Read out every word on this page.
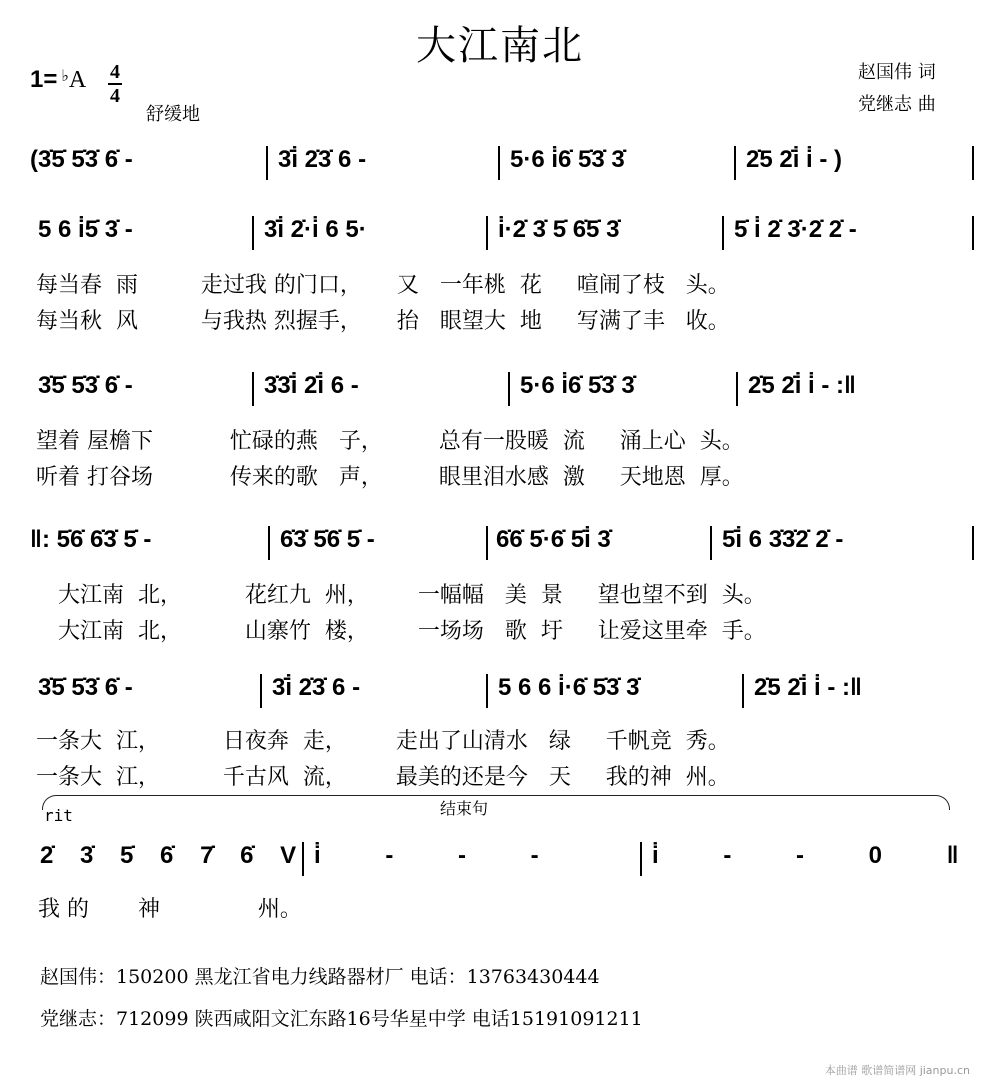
大江南北
1= ♭A 4
4
舒缓地
赵国伟 词
党继志 曲

(3̇5̇ 5̇3̇ 6̇ -

	3̇i̇ 2̇3̇ 6 -

	5·6 i̇6̇ 5̇3̇ 3̇

	2̇5 2̇i̇ i̇ - )

5 6 i̇5̇ 3̇ -

	3̇i̇ 2̇·i̇ 6 5·

	i̇·2̇ 3̇ 5̇ 6̇5̇ 3̇

	5̇ i̇ 2̇ 3̇·2̇ 2̇ -

每当春  雨         走过我 的门口，     又   一年桃  花     喧闹了枝   头。
每当秋  风         与我热 烈握手，     抬   眼望大  地     写满了丰   收。

3̇5̇ 5̇3̇ 6̇ -

	3̇3̇i̇ 2̇i̇ 6 -

	5·6 i̇6̇ 5̇3̇ 3̇

	2̇5 2̇i̇ i̇ - :‖

望着 屋檐下           忙碌的燕   子，        总有一股暖  流     涌上心  头。
听着 打谷场           传来的歌   声，        眼里泪水感  激     天地恩  厚。

‖: 5̇6̇ 6̇3̇ 5̇ -

	6̇3̇ 5̇6̇ 5̇ -

	6̇6̇ 5̇·6̇ 5̇i̇ 3̇

	5̇i̇ 6 3̇3̇2̇ 2̇ -

大江南  北，         花红九  州，       一幅幅   美  景     望也望不到  头。
大江南  北，         山寨竹  楼，       一场场   歌  圩     让爱这里牵  手。

3̇5̇ 5̇3̇ 6̇ -

	3̇i̇ 2̇3̇ 6 -

	5 6 6 i̇·6̇ 5̇3̇ 3̇

	2̇5 2̇i̇ i̇ - :‖

一条大  江，         日夜奔  走，       走出了山清水   绿     千帆竞  秀。
一条大  江，         千古风  流，       最美的还是今   天     我的神  州。
rit	结束句

2̇ 3̇ 5̇ 6̇ 7̇ 6̇ V

i̇ - - -

	i̇ - - 0 ‖

我 的       神              州。
赵国伟：150200 黑龙江省电力线路器材厂 电话：13763430444
党继志：712099 陕西咸阳文汇东路16号华星中学 电话15191091211
本曲谱 歌谱简谱网 jianpu.cn
